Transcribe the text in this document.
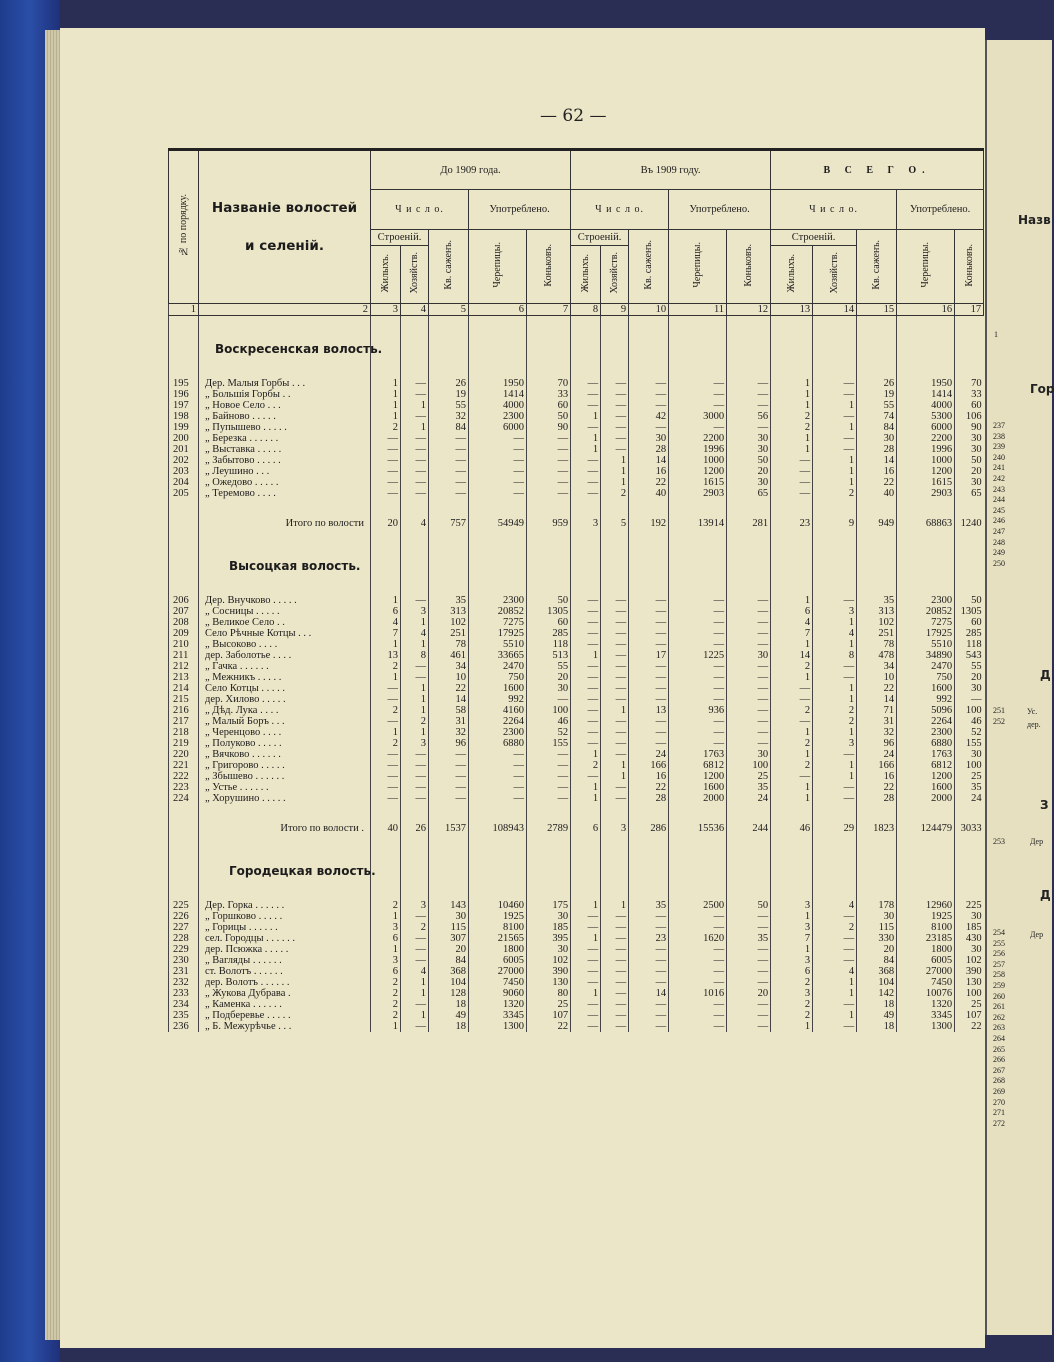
— 62 —
№ по порядку.	Названіе волостей
и селеній.	До 1909 года.					Въ 1909 году.					В С Е Г О.				
		Ч и с л о.			Употреблено.		Ч и с л о.			Употреблено.		Ч и с л о.			Употреблено.	
		Строеній.		Кв. саженъ.	Черепицы.	Коньковъ.	Строеній.		Кв. саженъ.	Черепицы.	Коньковъ.	Строеній.		Кв. саженъ.	Черепицы.	Коньковъ.
		Жилыхъ.	Хозяйств.				Жилыхъ.	Хозяйств.				Жилыхъ.	Хозяйств.			
1	2	3	4	5	6	7	8	9	10	11	12	13	14	15	16	17

	Воскресенская волость.															

195	Дер. Малыя Горбы . . .	1	—	26	1950	70	—	—	—	—	—	1	—	26	1950	70
196	„ Большія Горбы . .	1	—	19	1414	33	—	—	—	—	—	1	—	19	1414	33
197	„ Новое Село . . .	1	1	55	4000	60	—	—	—	—	—	1	1	55	4000	60
198	„ Байново . . . . .	1	—	32	2300	50	1	—	42	3000	56	2	—	74	5300	106
199	„ Пупышево . . . . .	2	1	84	6000	90	—	—	—	—	—	2	1	84	6000	90
200	„ Березка . . . . . .	—	—	—	—	—	1	—	30	2200	30	1	—	30	2200	30
201	„ Выставка . . . . .	—	—	—	—	—	1	—	28	1996	30	1	—	28	1996	30
202	„ Забытово . . . . .	—	—	—	—	—	—	1	14	1000	50	—	1	14	1000	50
203	„ Леушино . . .	—	—	—	—	—	—	1	16	1200	20	—	1	16	1200	20
204	„ Ожедово . . . . .	—	—	—	—	—	—	1	22	1615	30	—	1	22	1615	30
205	„ Теремово . . . .	—	—	—	—	—	—	2	40	2903	65	—	2	40	2903	65

	Итого по волости	20	4	757	54949	959	3	5	192	13914	281	23	9	949	68863	1240

	Высоцкая волость.															

206	Дер. Внучково . . . . .	1	—	35	2300	50	—	—	—	—	—	1	—	35	2300	50
207	„ Сосницы . . . . .	6	3	313	20852	1305	—	—	—	—	—	6	3	313	20852	1305
208	„ Великое Село . .	4	1	102	7275	60	—	—	—	—	—	4	1	102	7275	60
209	Село Рѣчные Котцы . . .	7	4	251	17925	285	—	—	—	—	—	7	4	251	17925	285
210	„ Высоково . . . .	1	1	78	5510	118	—	—	—	—	—	1	1	78	5510	118
211	дер. Заболотье . . . .	13	8	461	33665	513	1	—	17	1225	30	14	8	478	34890	543
212	„ Гачка . . . . . .	2	—	34	2470	55	—	—	—	—	—	2	—	34	2470	55
213	„ Межникъ . . . . .	1	—	10	750	20	—	—	—	—	—	1	—	10	750	20
214	Село Котцы . . . . .	—	1	22	1600	30	—	—	—	—	—	—	1	22	1600	30
215	дер. Хилово . . . . .	—	1	14	992	—	—	—	—	—	—	—	1	14	992	—
216	„ Дѣд. Лука . . . .	2	1	58	4160	100	—	1	13	936	—	2	2	71	5096	100
217	„ Малый Боръ . . .	—	2	31	2264	46	—	—	—	—	—	—	2	31	2264	46
218	„ Черенцово . . . .	1	1	32	2300	52	—	—	—	—	—	1	1	32	2300	52
219	„ Полуково . . . . .	2	3	96	6880	155	—	—	—	—	—	2	3	96	6880	155
220	„ Вячково . . . . . .	—	—	—	—	—	1	—	24	1763	30	1	—	24	1763	30
221	„ Григорово . . . . .	—	—	—	—	—	2	1	166	6812	100	2	1	166	6812	100
222	„ Збышево . . . . . .	—	—	—	—	—	—	1	16	1200	25	—	1	16	1200	25
223	„ Устье . . . . . .	—	—	—	—	—	1	—	22	1600	35	1	—	22	1600	35
224	„ Хорушино . . . . .	—	—	—	—	—	1	—	28	2000	24	1	—	28	2000	24

	Итого по волости .	40	26	1537	108943	2789	6	3	286	15536	244	46	29	1823	124479	3033

	Городецкая волость.															

225	Дер. Горка . . . . . .	2	3	143	10460	175	1	1	35	2500	50	3	4	178	12960	225
226	„ Горшково . . . . .	1	—	30	1925	30	—	—	—	—	—	1	—	30	1925	30
227	„ Горицы . . . . . .	3	2	115	8100	185	—	—	—	—	—	3	2	115	8100	185
228	сел. Городцы . . . . . .	6	—	307	21565	395	1	—	23	1620	35	7	—	330	23185	430
229	дер. Псюжка . . . . .	1	—	20	1800	30	—	—	—	—	—	1	—	20	1800	30
230	„ Вагляды . . . . . .	3	—	84	6005	102	—	—	—	—	—	3	—	84	6005	102
231	ст. Волотъ . . . . . .	6	4	368	27000	390	—	—	—	—	—	6	4	368	27000	390
232	дер. Волотъ . . . . . .	2	1	104	7450	130	—	—	—	—	—	2	1	104	7450	130
233	„ Жукова Дубрава .	2	1	128	9060	80	1	—	14	1016	20	3	1	142	10076	100
234	„ Каменка . . . . . .	2	—	18	1320	25	—	—	—	—	—	2	—	18	1320	25
235	„ Подберевье . . . . .	2	1	49	3345	107	—	—	—	—	—	2	1	49	3345	107
236	„ Б. Межурѣчье . . .	1	—	18	1300	22	—	—	—	—	—	1	—	18	1300	22
Назв
1
Гор
Д
З
Д
Ус.
дер.
Дер
Дер
237
238
239
240
241
242
243
244
245
246
247
248
249
250
251
252
253
254
255
256
257
258
259
260
261
262
263
264
265
266
267
268
269
270
271
272
